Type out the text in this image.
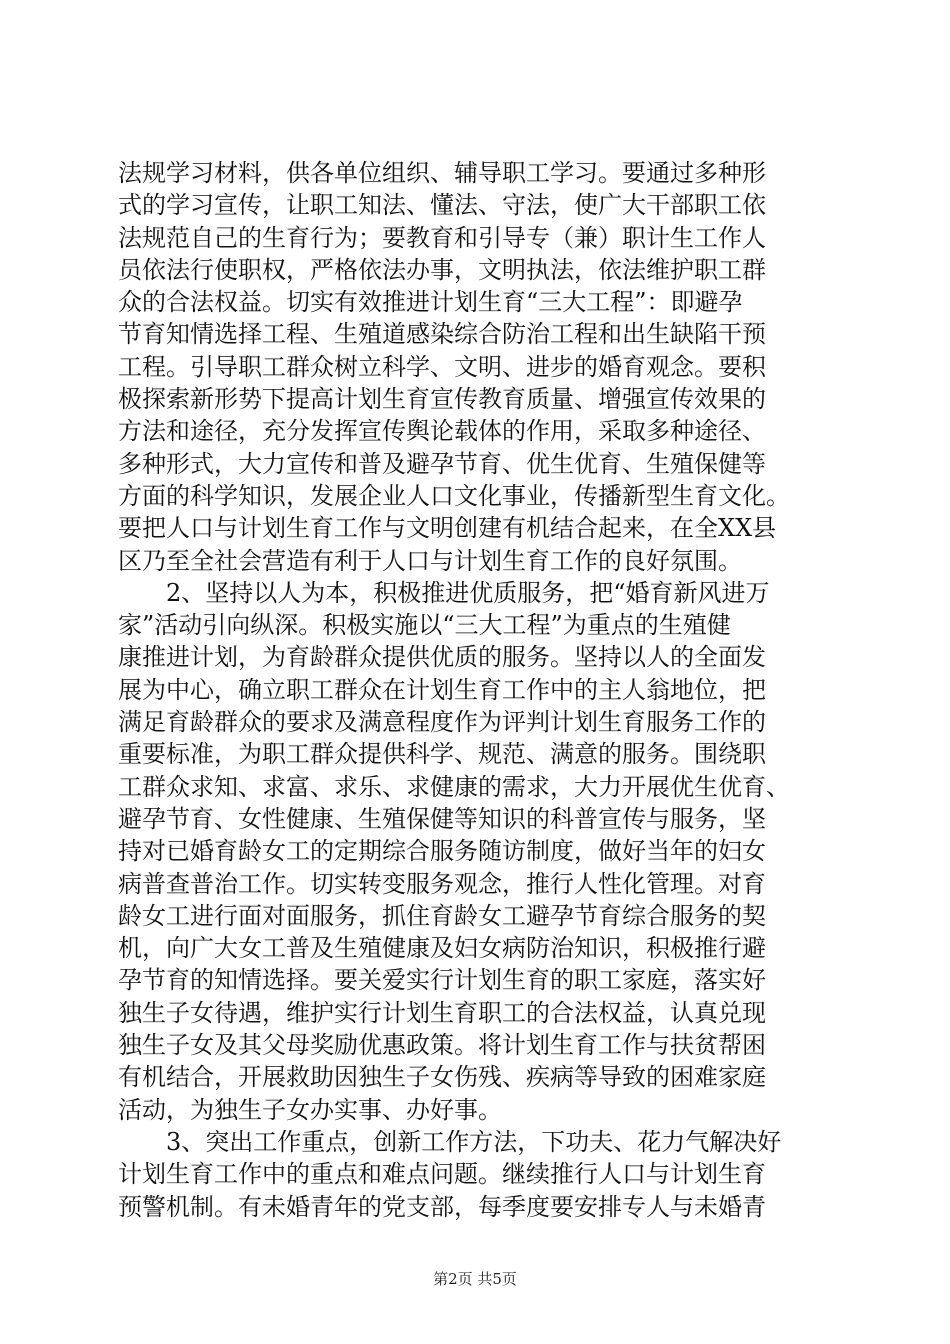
法规学习材料，供各单位组织、辅导职工学习。要通过多种形
式的学习宣传，让职工知法、懂法、守法，使广大干部职工依
法规范自己的生育行为；要教育和引导专（兼）职计生工作人
员依法行使职权，严格依法办事，文明执法，依法维护职工群
众的合法权益。切实有效推进计划生育“三大工程”：即避孕
节育知情选择工程、生殖道感染综合防治工程和出生缺陷干预
工程。引导职工群众树立科学、文明、进步的婚育观念。要积
极探索新形势下提高计划生育宣传教育质量、增强宣传效果的
方法和途径，充分发挥宣传舆论载体的作用，采取多种途径、
多种形式，大力宣传和普及避孕节育、优生优育、生殖保健等
方面的科学知识，发展企业人口文化事业，传播新型生育文化。
要把人口与计划生育工作与文明创建有机结合起来，在全XX县
区乃至全社会营造有利于人口与计划生育工作的良好氛围。
　　2、坚持以人为本，积极推进优质服务，把“婚育新风进万
家”活动引向纵深。积极实施以“三大工程”为重点的生殖健
康推进计划，为育龄群众提供优质的服务。坚持以人的全面发
展为中心，确立职工群众在计划生育工作中的主人翁地位，把
满足育龄群众的要求及满意程度作为评判计划生育服务工作的
重要标准，为职工群众提供科学、规范、满意的服务。围绕职
工群众求知、求富、求乐、求健康的需求，大力开展优生优育、
避孕节育、女性健康、生殖保健等知识的科普宣传与服务，坚
持对已婚育龄女工的定期综合服务随访制度，做好当年的妇女
病普查普治工作。切实转变服务观念，推行人性化管理。对育
龄女工进行面对面服务，抓住育龄女工避孕节育综合服务的契
机，向广大女工普及生殖健康及妇女病防治知识，积极推行避
孕节育的知情选择。要关爱实行计划生育的职工家庭，落实好
独生子女待遇，维护实行计划生育职工的合法权益，认真兑现
独生子女及其父母奖励优惠政策。将计划生育工作与扶贫帮困
有机结合，开展救助因独生子女伤残、疾病等导致的困难家庭
活动，为独生子女办实事、办好事。
　　3、突出工作重点，创新工作方法，下功夫、花力气解决好
计划生育工作中的重点和难点问题。继续推行人口与计划生育
预警机制。有未婚青年的党支部，每季度要安排专人与未婚青
第2页 共5页
